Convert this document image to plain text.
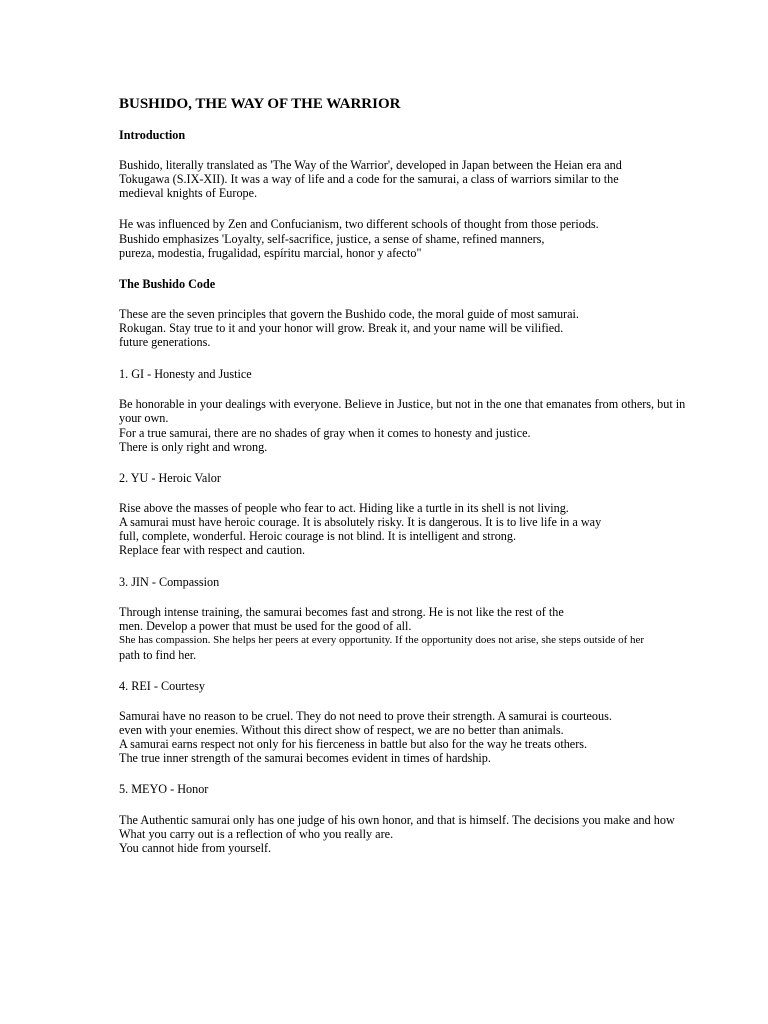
BUSHIDO, THE WAY OF THE WARRIOR
Introduction
Bushido, literally translated as 'The Way of the Warrior', developed in Japan between the Heian era and
Tokugawa (S.IX-XII). It was a way of life and a code for the samurai, a class of warriors similar to the
medieval knights of Europe.
He was influenced by Zen and Confucianism, two different schools of thought from those periods.
Bushido emphasizes 'Loyalty, self-sacrifice, justice, a sense of shame, refined manners,
pureza, modestia, frugalidad, espíritu marcial, honor y afecto"
The Bushido Code
These are the seven principles that govern the Bushido code, the moral guide of most samurai.
Rokugan. Stay true to it and your honor will grow. Break it, and your name will be vilified.
future generations.
1. GI - Honesty and Justice
Be honorable in your dealings with everyone. Believe in Justice, but not in the one that emanates from others, but in
your own.
For a true samurai, there are no shades of gray when it comes to honesty and justice.
There is only right and wrong.
2. YU - Heroic Valor
Rise above the masses of people who fear to act. Hiding like a turtle in its shell is not living.
A samurai must have heroic courage. It is absolutely risky. It is dangerous. It is to live life in a way
full, complete, wonderful. Heroic courage is not blind. It is intelligent and strong.
Replace fear with respect and caution.
3. JIN - Compassion
Through intense training, the samurai becomes fast and strong. He is not like the rest of the
men. Develop a power that must be used for the good of all.
She has compassion. She helps her peers at every opportunity. If the opportunity does not arise, she steps outside of her
path to find her.
4. REI - Courtesy
Samurai have no reason to be cruel. They do not need to prove their strength. A samurai is courteous.
even with your enemies. Without this direct show of respect, we are no better than animals.
A samurai earns respect not only for his fierceness in battle but also for the way he treats others.
The true inner strength of the samurai becomes evident in times of hardship.
5. MEYO - Honor
The Authentic samurai only has one judge of his own honor, and that is himself. The decisions you make and how
What you carry out is a reflection of who you really are.
You cannot hide from yourself.
